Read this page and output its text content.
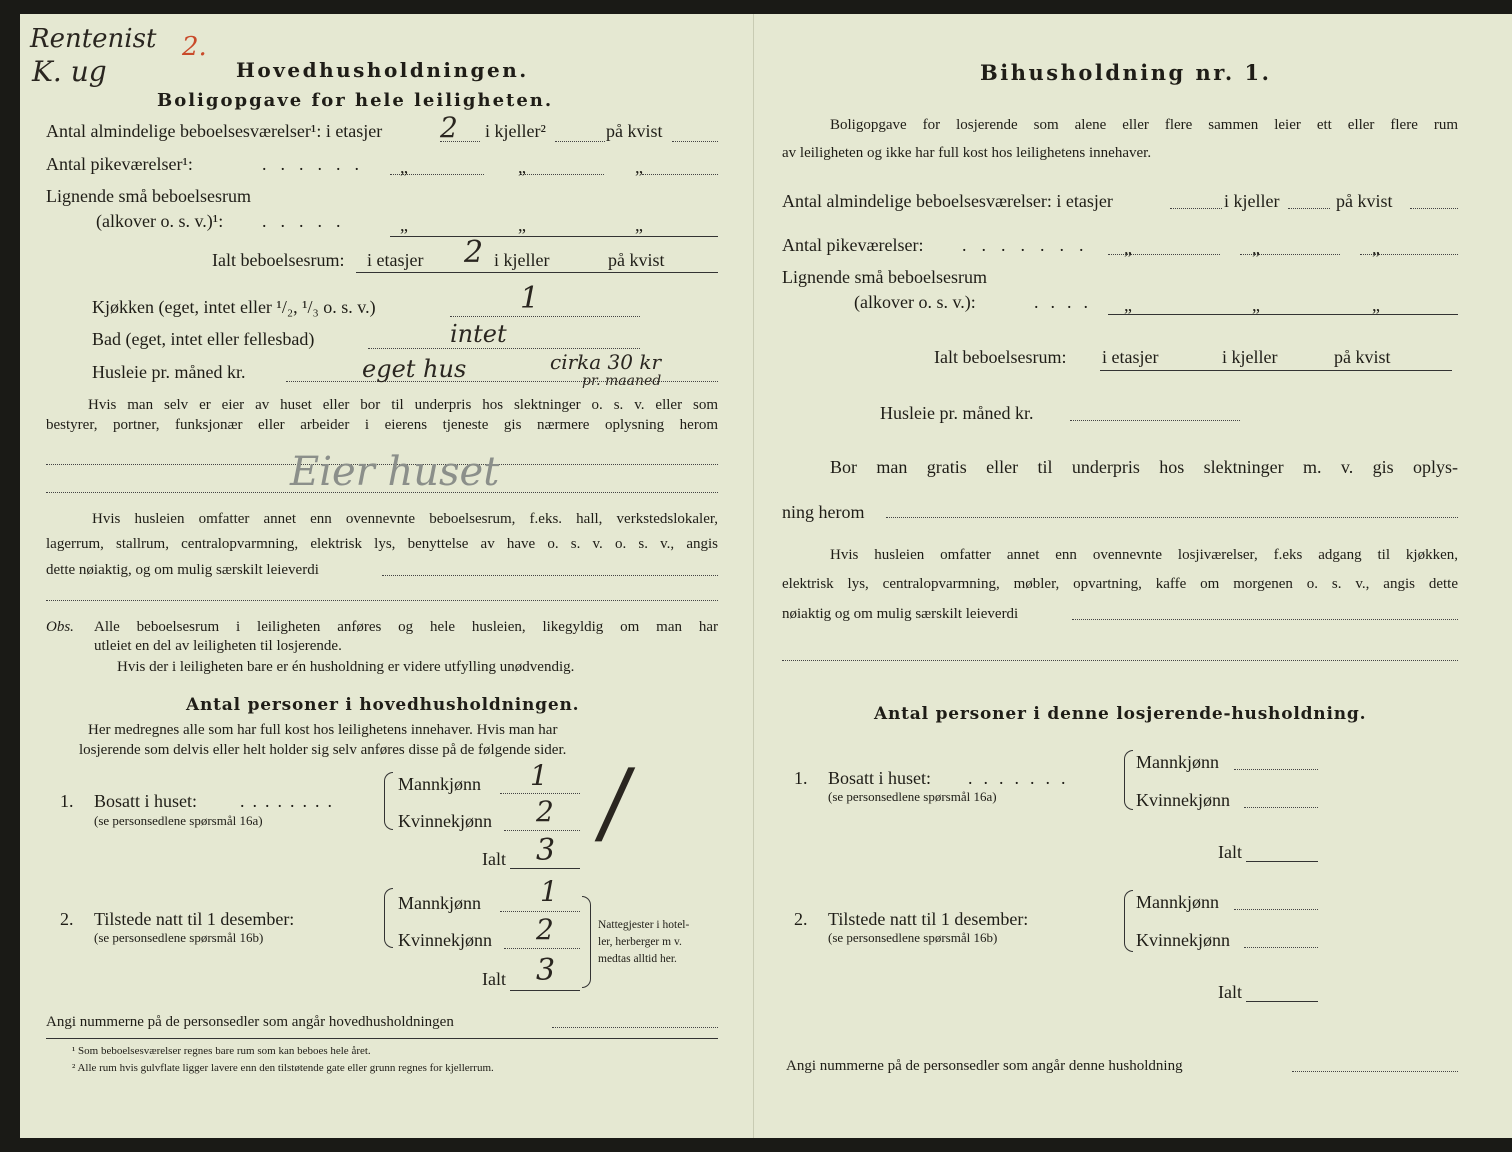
Rentenist
K. ug
2.
Hovedhusholdningen.
Boligopgave for hele leiligheten.
Antal almindelige beboelsesværelser¹: i etasjer 2 i kjeller²	på kvist
Antal pikeværelser¹:	...... „	„	„
Lignende små beboelsesrum
(alkover o. s. v.)¹: .....	„	„	„
Ialt beboelsesrum: i etasjer 2 i kjeller	på kvist
Kjøkken (eget, intet eller ¹/₂, ¹/₃ o. s. v.)	1
Bad (eget, intet eller fellesbad)	intet
Husleie pr. måned kr.	eget hus	cirka 30 kr
pr. maaned
Hvis man selv er eier av huset eller bor til underpris hos slektninger o. s. v. eller som
bestyrer, portner, funksjonær eller arbeider i eierens tjeneste gis nærmere oplysning herom
Eier huset
Hvis husleien omfatter annet enn ovennevnte beboelsesrum, f.eks. hall, verkstedslokaler,
lagerrum, stallrum, centralopvarmning, elektrisk lys, benyttelse av have o. s. v. o. s. v., angis
dette nøiaktig, og om mulig særskilt leieverdi
Obs. Alle beboelsesrum i leiligheten anføres og hele husleien, likegyldig om man har
utleiet en del av leiligheten til losjerende.
Hvis der i leiligheten bare er én husholdning er videre utfylling unødvendig.
Antal personer i hovedhusholdningen.
Her medregnes alle som har full kost hos leilighetens innehaver. Hvis man har
losjerende som delvis eller helt holder sig selv anføres disse på de følgende sider.
1. Bosatt i huset: ........
(se personsedlene spørsmål 16a)
Mannkjønn 1
Kvinnekjønn 2
Ialt 3 /
2. Tilstede natt til 1 desember:
(se personsedlene spørsmål 16b)
Mannkjønn 1
Kvinnekjønn 2
Ialt 3
Nattegjester i hotel-
ler, herberger m v.
medtas alltid her.
Angi nummerne på de personsedler som angår hovedhusholdningen
¹ Som beboelsesværelser regnes bare rum som kan beboes hele året.
² Alle rum hvis gulvflate ligger lavere enn den tilstøtende gate eller grunn regnes for kjellerrum.
Bihusholdning nr. 1.
Boligopgave for losjerende som alene eller flere sammen leier ett eller flere rum
av leiligheten og ikke har full kost hos leilighetens innehaver.
Antal almindelige beboelsesværelser: i etasjer	i kjeller	på kvist
Antal pikeværelser: ....... „	„	„
Lignende små beboelsesrum
(alkover o. s. v.):	.... „	„	„
Ialt beboelsesrum: i etasjer	i kjeller	på kvist
Husleie pr. måned kr.
Bor man gratis eller til underpris hos slektninger m. v. gis oplys-
ning herom
Hvis husleien omfatter annet enn ovennevnte losjiværelser, f.eks adgang til kjøkken,
elektrisk lys, centralopvarmning, møbler, opvartning, kaffe om morgenen o. s. v., angis dette
nøiaktig og om mulig særskilt leieverdi
Antal personer i denne losjerende-husholdning.
1. Bosatt i huset: .......
(se personsedlene spørsmål 16a)
Mannkjønn
Kvinnekjønn
Ialt
2. Tilstede natt til 1 desember:
(se personsedlene spørsmål 16b)
Mannkjønn
Kvinnekjønn
Ialt
Angi nummerne på de personsedler som angår denne husholdning
